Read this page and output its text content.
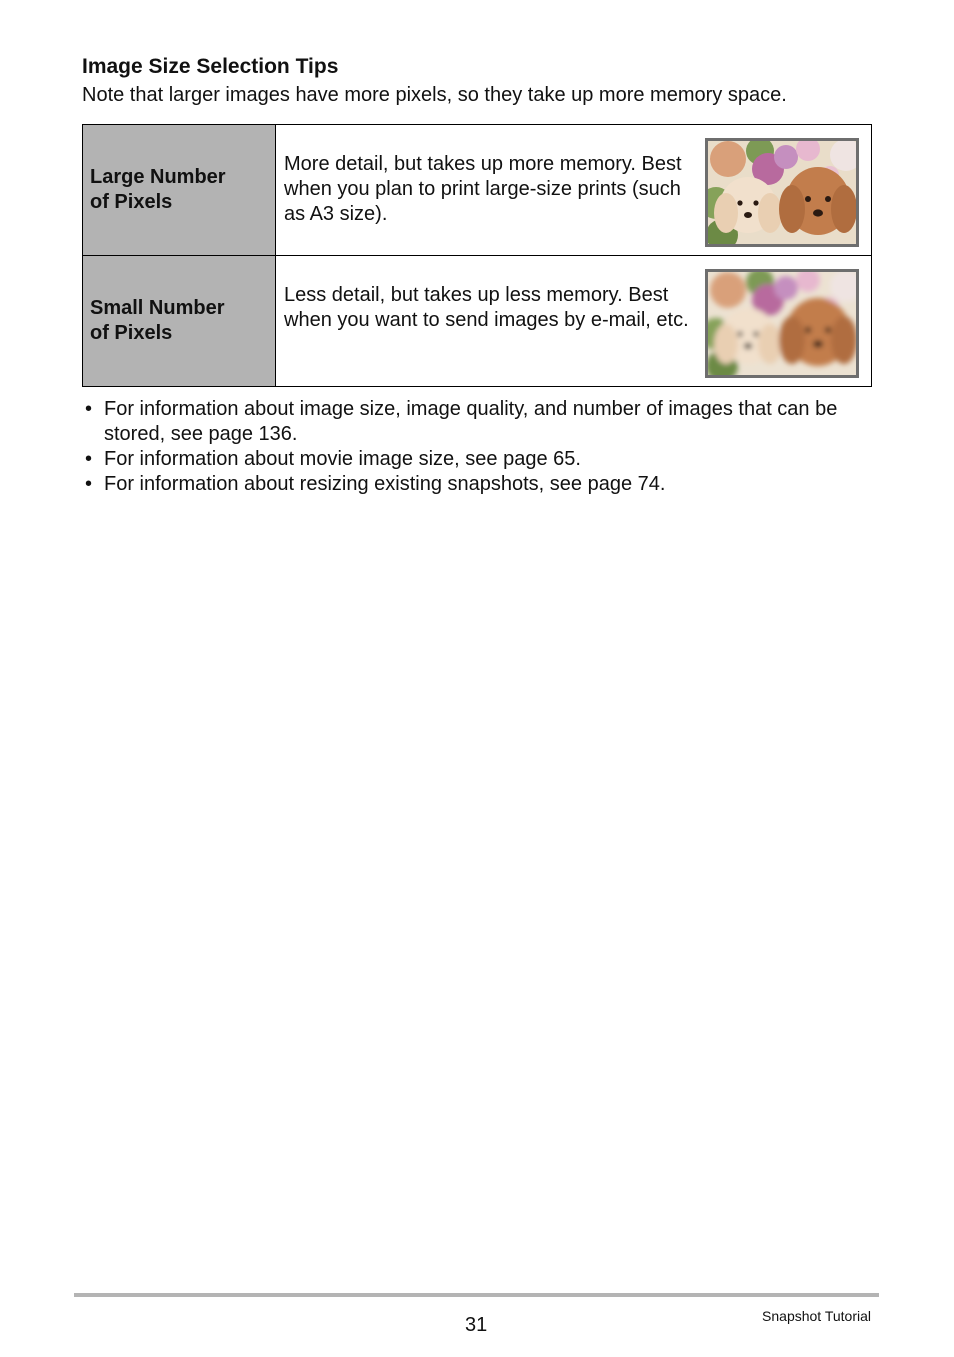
Image Size Selection Tips

Note that larger images have more pixels, so they take up more memory space.

Large Number
of Pixels	More detail, but takes up more memory. Best when you plan to print large-size prints (such as A3 size).

Small Number
of Pixels	Less detail, but takes up less memory. Best when you want to send images by e-mail, etc.
• For information about image size, image quality, and number of images that can be stored, see page 136.
• For information about movie image size, see page 65.
• For information about resizing existing snapshots, see page 74.
31	Snapshot Tutorial
